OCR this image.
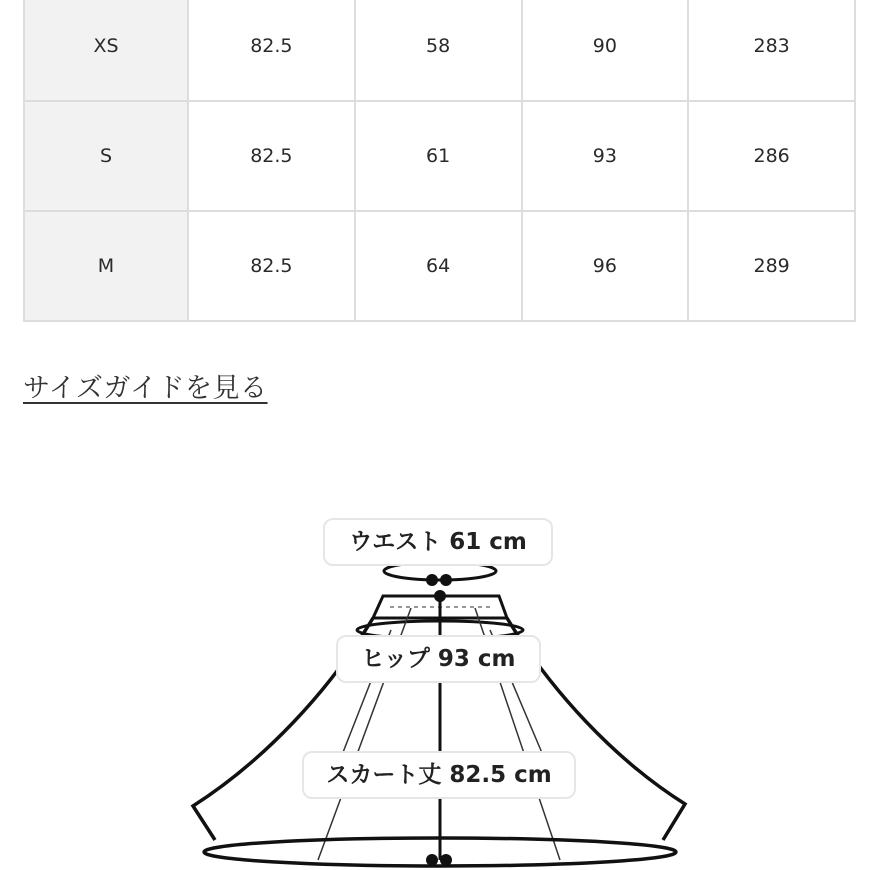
XS	82.5	58	90	283
S	82.5	61	93	286
M	82.5	64	96	289
サイズガイドを見る
ウエスト 61 cm
ヒップ 93 cm
スカート丈 82.5 cm
